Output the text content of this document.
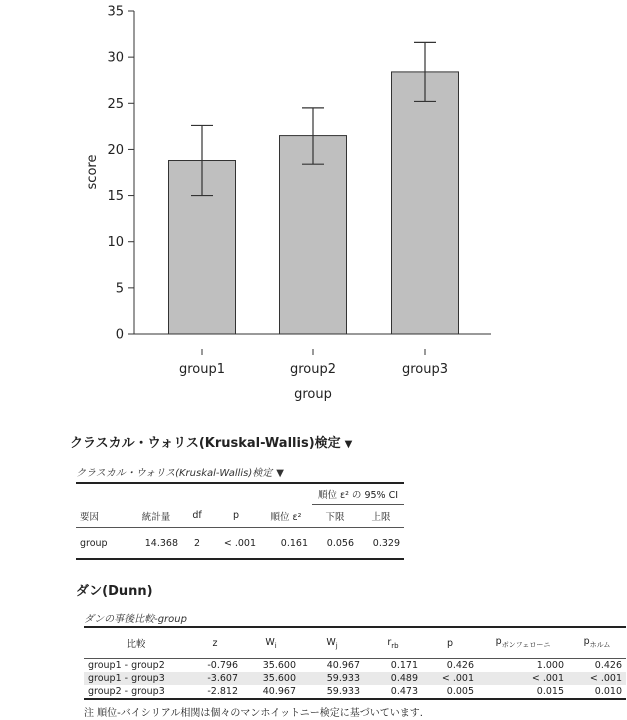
0
5
10
15
20
25
30
35
group1	group2	group3
score
group
クラスカル・ウォリス(Kruskal-Wallis)検定 ▼
クラスカル・ウォリス(Kruskal-Wallis)検定 ▼
					順位 ε² の 95% CI	
要因	統計量	df	p	順位 ε²	下限	上限
group	14.368	2	< .001	0.161	0.056	0.329
ダン(Dunn)
ダンの事後比較-group
比較	z	$W_i$	$W_j$	$r_{rb}$	p	$p_{ボンフェローニ}$	$p_{ホルム}$
group1 - group2	-0.796	35.600	40.967	0.171	0.426	1.000	0.426
group1 - group3	-3.607	35.600	59.933	0.489	< .001	< .001	< .001
group2 - group3	-2.812	40.967	59.933	0.473	0.005	0.015	0.010
注 順位-バイシリアル相関は個々のマンホイットニー検定に基づいています.
